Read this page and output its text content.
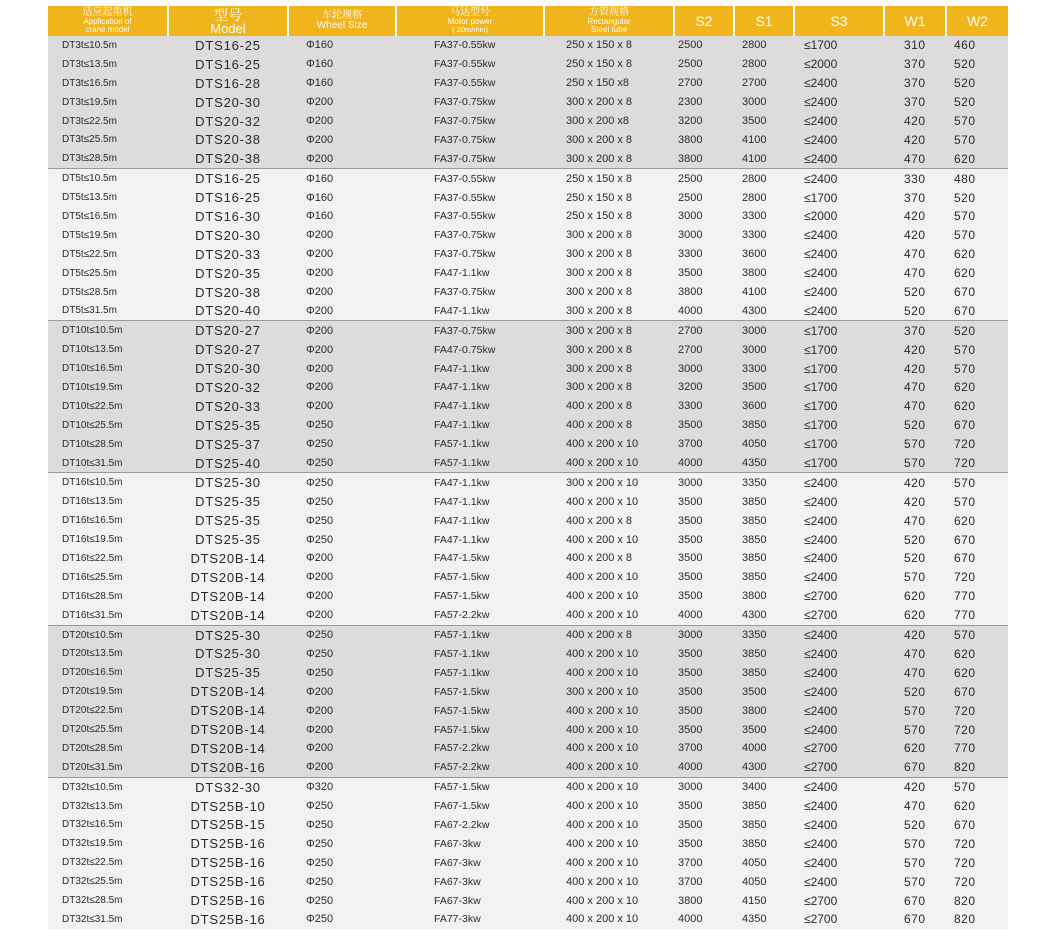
适应起重机
Application of
crane model	型号
Model	车轮规格
Wheel Size	马达型号
Motor power
( 20m/min)	方管规格
Rectangular
Steel tube	S2	S1	S3	W1	W2
DT3t≤10.5m	DTS16-25	Φ160	FA37-0.55kw	250 x 150 x 8	2500	2800	≤1700	310	460
DT3t≤13.5m	DTS16-25	Φ160	FA37-0.55kw	250 x 150 x 8	2500	2800	≤2000	370	520
DT3t≤16.5m	DTS16-28	Φ160	FA37-0.55kw	250 x 150 x8	2700	2700	≤2400	370	520
DT3t≤19.5m	DTS20-30	Φ200	FA37-0.75kw	300 x 200 x 8	2300	3000	≤2400	370	520
DT3t≤22.5m	DTS20-32	Φ200	FA37-0.75kw	300 x 200 x8	3200	3500	≤2400	420	570
DT3t≤25.5m	DTS20-38	Φ200	FA37-0.75kw	300 x 200 x 8	3800	4100	≤2400	420	570
DT3t≤28.5m	DTS20-38	Φ200	FA37-0.75kw	300 x 200 x 8	3800	4100	≤2400	470	620
DT5t≤10.5m	DTS16-25	Φ160	FA37-0.55kw	250 x 150 x 8	2500	2800	≤2400	330	480
DT5t≤13.5m	DTS16-25	Φ160	FA37-0.55kw	250 x 150 x 8	2500	2800	≤1700	370	520
DT5t≤16.5m	DTS16-30	Φ160	FA37-0.55kw	250 x 150 x 8	3000	3300	≤2000	420	570
DT5t≤19.5m	DTS20-30	Φ200	FA37-0.75kw	300 x 200 x 8	3000	3300	≤2400	420	570
DT5t≤22.5m	DTS20-33	Φ200	FA37-0.75kw	300 x 200 x 8	3300	3600	≤2400	470	620
DT5t≤25.5m	DTS20-35	Φ200	FA47-1.1kw	300 x 200 x 8	3500	3800	≤2400	470	620
DT5t≤28.5m	DTS20-38	Φ200	FA37-0.75kw	300 x 200 x 8	3800	4100	≤2400	520	670
DT5t≤31.5m	DTS20-40	Φ200	FA47-1.1kw	300 x 200 x 8	4000	4300	≤2400	520	670
DT10t≤10.5m	DTS20-27	Φ200	FA37-0.75kw	300 x 200 x 8	2700	3000	≤1700	370	520
DT10t≤13.5m	DTS20-27	Φ200	FA47-0.75kw	300 x 200 x 8	2700	3000	≤1700	420	570
DT10t≤16.5m	DTS20-30	Φ200	FA47-1.1kw	300 x 200 x 8	3000	3300	≤1700	420	570
DT10t≤19.5m	DTS20-32	Φ200	FA47-1.1kw	300 x 200 x 8	3200	3500	≤1700	470	620
DT10t≤22.5m	DTS20-33	Φ200	FA47-1.1kw	400 x 200 x 8	3300	3600	≤1700	470	620
DT10t≤25.5m	DTS25-35	Φ250	FA47-1.1kw	400 x 200 x 8	3500	3850	≤1700	520	670
DT10t≤28.5m	DTS25-37	Φ250	FA57-1.1kw	400 x 200 x 10	3700	4050	≤1700	570	720
DT10t≤31.5m	DTS25-40	Φ250	FA57-1.1kw	400 x 200 x 10	4000	4350	≤1700	570	720
DT16t≤10.5m	DTS25-30	Φ250	FA47-1.1kw	300 x 200 x 10	3000	3350	≤2400	420	570
DT16t≤13.5m	DTS25-35	Φ250	FA47-1.1kw	400 x 200 x 10	3500	3850	≤2400	420	570
DT16t≤16.5m	DTS25-35	Φ250	FA47-1.1kw	400 x 200 x 8	3500	3850	≤2400	470	620
DT16t≤19.5m	DTS25-35	Φ250	FA47-1.1kw	400 x 200 x 10	3500	3850	≤2400	520	670
DT16t≤22.5m	DTS20B-14	Φ200	FA47-1.5kw	400 x 200 x 8	3500	3850	≤2400	520	670
DT16t≤25.5m	DTS20B-14	Φ200	FA57-1.5kw	400 x 200 x 10	3500	3850	≤2400	570	720
DT16t≤28.5m	DTS20B-14	Φ200	FA57-1.5kw	400 x 200 x 10	3500	3800	≤2700	620	770
DT16t≤31.5m	DTS20B-14	Φ200	FA57-2.2kw	400 x 200 x 10	4000	4300	≤2700	620	770
DT20t≤10.5m	DTS25-30	Φ250	FA57-1.1kw	400 x 200 x 8	3000	3350	≤2400	420	570
DT20t≤13.5m	DTS25-30	Φ250	FA57-1.1kw	400 x 200 x 10	3500	3850	≤2400	470	620
DT20t≤16.5m	DTS25-35	Φ250	FA57-1.1kw	400 x 200 x 10	3500	3850	≤2400	470	620
DT20t≤19.5m	DTS20B-14	Φ200	FA57-1.5kw	300 x 200 x 10	3500	3500	≤2400	520	670
DT20t≤22.5m	DTS20B-14	Φ200	FA57-1.5kw	400 x 200 x 10	3500	3800	≤2400	570	720
DT20t≤25.5m	DTS20B-14	Φ200	FA57-1.5kw	400 x 200 x 10	3500	3500	≤2400	570	720
DT20t≤28.5m	DTS20B-14	Φ200	FA57-2.2kw	400 x 200 x 10	3700	4000	≤2700	620	770
DT20t≤31.5m	DTS20B-16	Φ200	FA57-2.2kw	400 x 200 x 10	4000	4300	≤2700	670	820
DT32t≤10.5m	DTS32-30	Φ320	FA57-1.5kw	400 x 200 x 10	3000	3400	≤2400	420	570
DT32t≤13.5m	DTS25B-10	Φ250	FA67-1.5kw	400 x 200 x 10	3500	3850	≤2400	470	620
DT32t≤16.5m	DTS25B-15	Φ250	FA67-2.2kw	400 x 200 x 10	3500	3850	≤2400	520	670
DT32t≤19.5m	DTS25B-16	Φ250	FA67-3kw	400 x 200 x 10	3500	3850	≤2400	570	720
DT32t≤22.5m	DTS25B-16	Φ250	FA67-3kw	400 x 200 x 10	3700	4050	≤2400	570	720
DT32t≤25.5m	DTS25B-16	Φ250	FA67-3kw	400 x 200 x 10	3700	4050	≤2400	570	720
DT32t≤28.5m	DTS25B-16	Φ250	FA67-3kw	400 x 200 x 10	3800	4150	≤2700	670	820
DT32t≤31.5m	DTS25B-16	Φ250	FA77-3kw	400 x 200 x 10	4000	4350	≤2700	670	820
